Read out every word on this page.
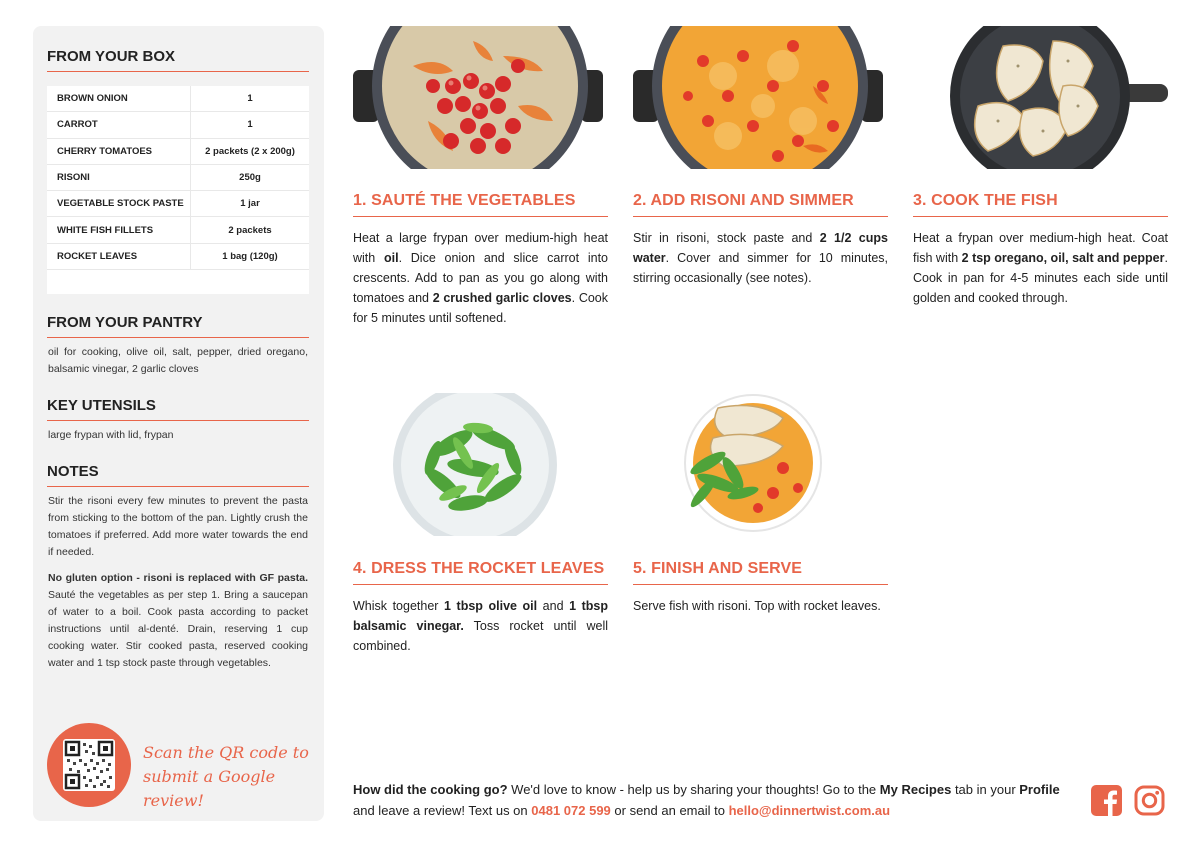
FROM YOUR BOX
BROWN ONION	1
CARROT	1
CHERRY TOMATOES	2 packets (2 x 200g)
RISONI	250g
VEGETABLE STOCK PASTE	1 jar
WHITE FISH FILLETS	2 packets
ROCKET LEAVES	1 bag (120g)
FROM YOUR PANTRY
oil for cooking, olive oil, salt, pepper, dried oregano, balsamic vinegar, 2 garlic cloves
KEY UTENSILS
large frypan with lid, frypan
NOTES
Stir the risoni every few minutes to prevent the pasta from sticking to the bottom of the pan. Lightly crush the tomatoes if preferred. Add more water towards the end if needed.
No gluten option - risoni is replaced with GF pasta. Sauté the vegetables as per step 1. Bring a saucepan of water to a boil. Cook pasta according to packet instructions until al-denté. Drain, reserving 1 cup cooking water. Stir cooked pasta, reserved cooking water and 1 tsp stock paste through vegetables.
Scan the QR code to
submit a Google review!
1. SAUTÉ THE VEGETABLES
Heat a large frypan over medium-high heat with oil. Dice onion and slice carrot into crescents. Add to pan as you go along with tomatoes and 2 crushed garlic cloves. Cook for 5 minutes until softened.
2. ADD RISONI AND SIMMER
Stir in risoni, stock paste and 2 1/2 cups water. Cover and simmer for 10 minutes, stirring occasionally (see notes).
3. COOK THE FISH
Heat a frypan over medium-high heat. Coat fish with 2 tsp oregano, oil, salt and pepper. Cook in pan for 4-5 minutes each side until golden and cooked through.
4. DRESS THE ROCKET LEAVES
Whisk together 1 tbsp olive oil and 1 tbsp balsamic vinegar. Toss rocket until well combined.
5. FINISH AND SERVE
Serve fish with risoni. Top with rocket leaves.
How did the cooking go? We'd love to know - help us by sharing your thoughts! Go to the My Recipes tab in your Profile and leave a review! Text us on 0481 072 599 or send an email to hello@dinnertwist.com.au
